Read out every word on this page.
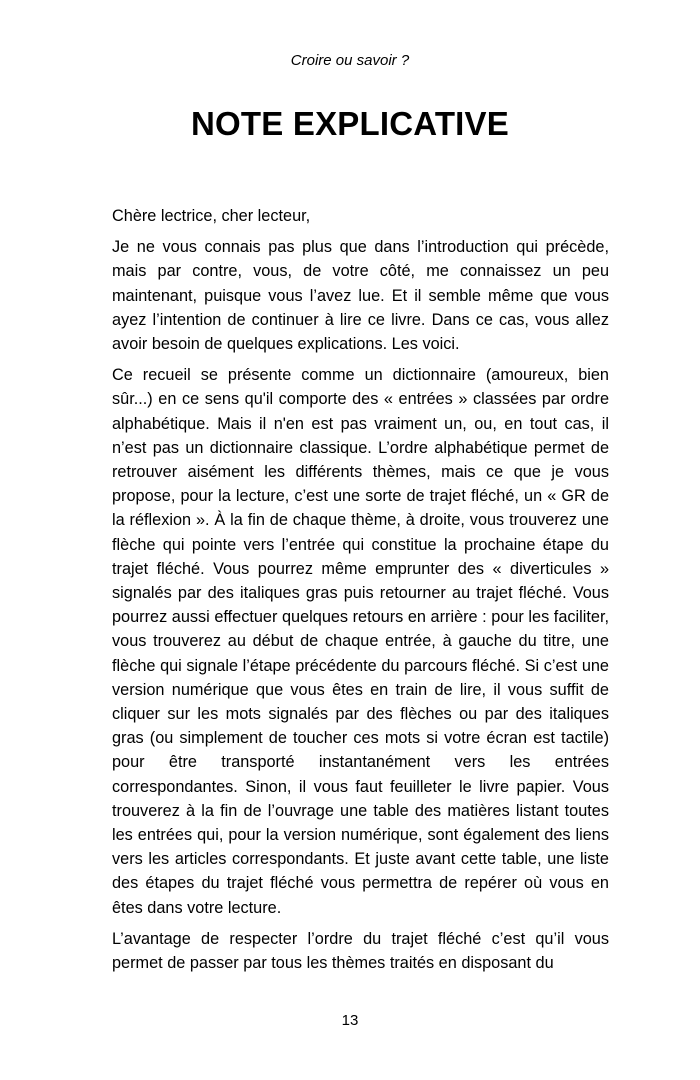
Croire ou savoir ?
NOTE EXPLICATIVE

Chère lectrice, cher lecteur,

Je ne vous connais pas plus que dans l’introduction qui précède, mais par contre, vous, de votre côté, me connaissez un peu maintenant, puisque vous l’avez lue. Et il semble même que vous ayez l’intention de continuer à lire ce livre. Dans ce cas, vous allez avoir besoin de quelques explications. Les voici.

Ce recueil se présente comme un dictionnaire (amoureux, bien sûr...) en ce sens qu'il comporte des « entrées » classées par ordre alphabétique. Mais il n'en est pas vraiment un, ou, en tout cas, il n’est pas un dictionnaire classique. L’ordre alphabétique permet de retrouver aisément les différents thèmes, mais ce que je vous propose, pour la lecture, c’est une sorte de trajet fléché, un « GR de la réflexion ». À la fin de chaque thème, à droite, vous trouverez une flèche qui pointe vers l’entrée qui constitue la prochaine étape du trajet fléché. Vous pourrez même emprunter des « diverticules » signalés par des italiques gras puis retourner au trajet fléché. Vous pourrez aussi effectuer quelques retours en arrière : pour les faciliter, vous trouverez au début de chaque entrée, à gauche du titre, une flèche qui signale l’étape précédente du parcours fléché. Si c’est une version numérique que vous êtes en train de lire, il vous suffit de cliquer sur les mots signalés par des flèches ou par des italiques gras (ou simplement de toucher ces mots si votre écran est tactile) pour être transporté instantanément vers les entrées correspondantes. Sinon, il vous faut feuilleter le livre papier. Vous trouverez à la fin de l’ouvrage une table des matières listant toutes les entrées qui, pour la version numérique, sont également des liens vers les articles correspondants. Et juste avant cette table, une liste des étapes du trajet fléché vous permettra de repérer où vous en êtes dans votre lecture.

L’avantage de respecter l’ordre du trajet fléché c’est qu’il vous permet de passer par tous les thèmes traités en disposant du

13
